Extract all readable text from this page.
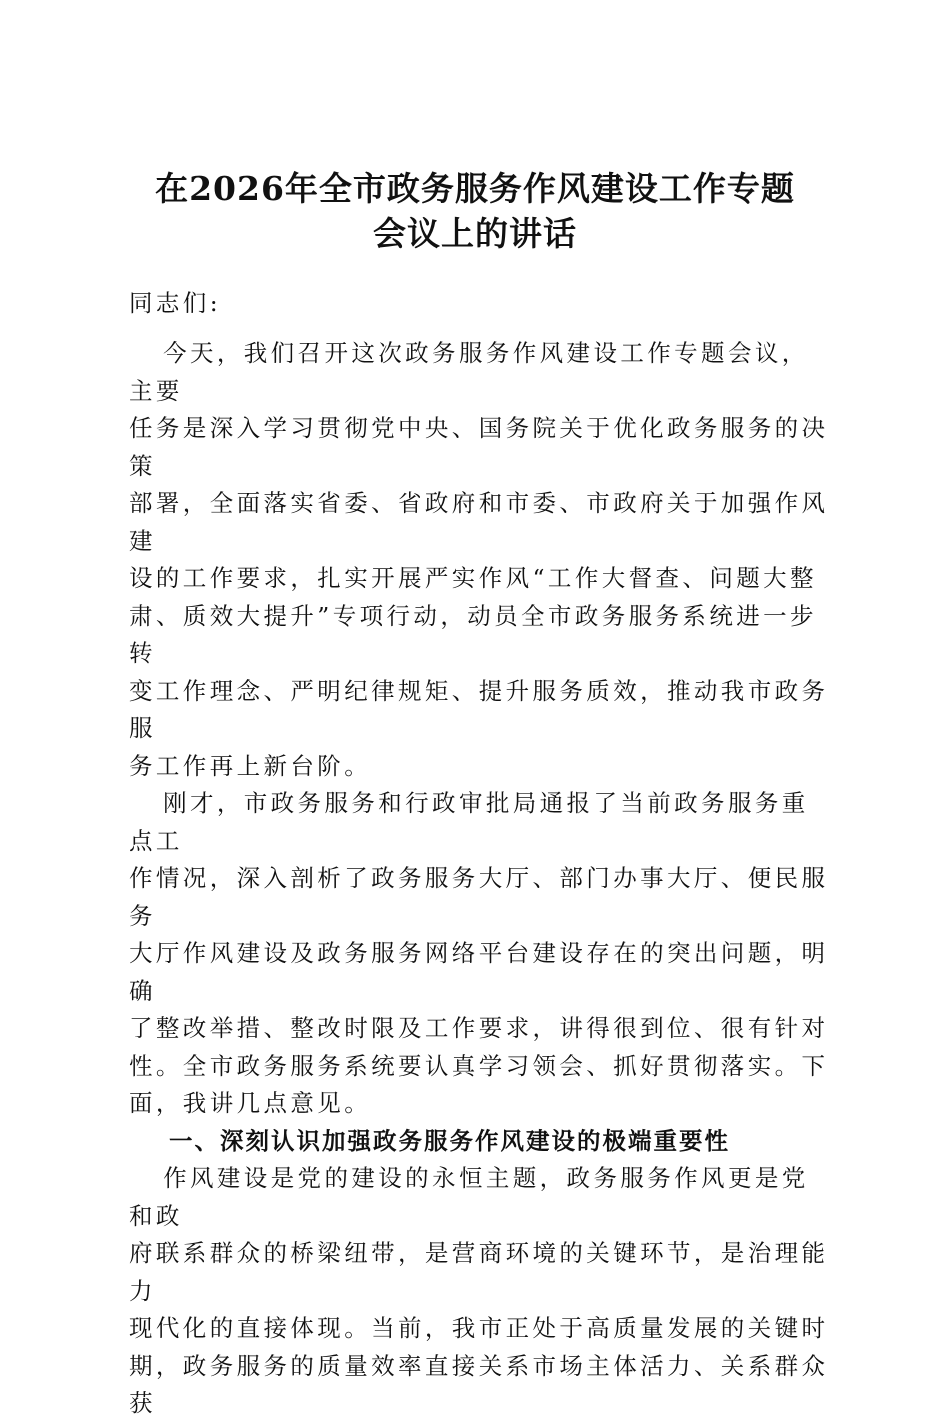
在2026年全市政务服务作风建设工作专题
会议上的讲话
同志们:

今天，我们召开这次政务服务作风建设工作专题会议，主要
任务是深入学习贯彻党中央、国务院关于优化政务服务的决策
部署，全面落实省委、省政府和市委、市政府关于加强作风建
设的工作要求，扎实开展严实作风“工作大督查、问题大整
肃、质效大提升”专项行动，动员全市政务服务系统进一步转
变工作理念、严明纪律规矩、提升服务质效，推动我市政务服
务工作再上新台阶。

刚才，市政务服务和行政审批局通报了当前政务服务重点工
作情况，深入剖析了政务服务大厅、部门办事大厅、便民服务
大厅作风建设及政务服务网络平台建设存在的突出问题，明确
了整改举措、整改时限及工作要求，讲得很到位、很有针对
性。全市政务服务系统要认真学习领会、抓好贯彻落实。下
面，我讲几点意见。

一、深刻认识加强政务服务作风建设的极端重要性

作风建设是党的建设的永恒主题，政务服务作风更是党和政
府联系群众的桥梁纽带，是营商环境的关键环节，是治理能力
现代化的直接体现。当前，我市正处于高质量发展的关键时
期，政务服务的质量效率直接关系市场主体活力、关系群众获
